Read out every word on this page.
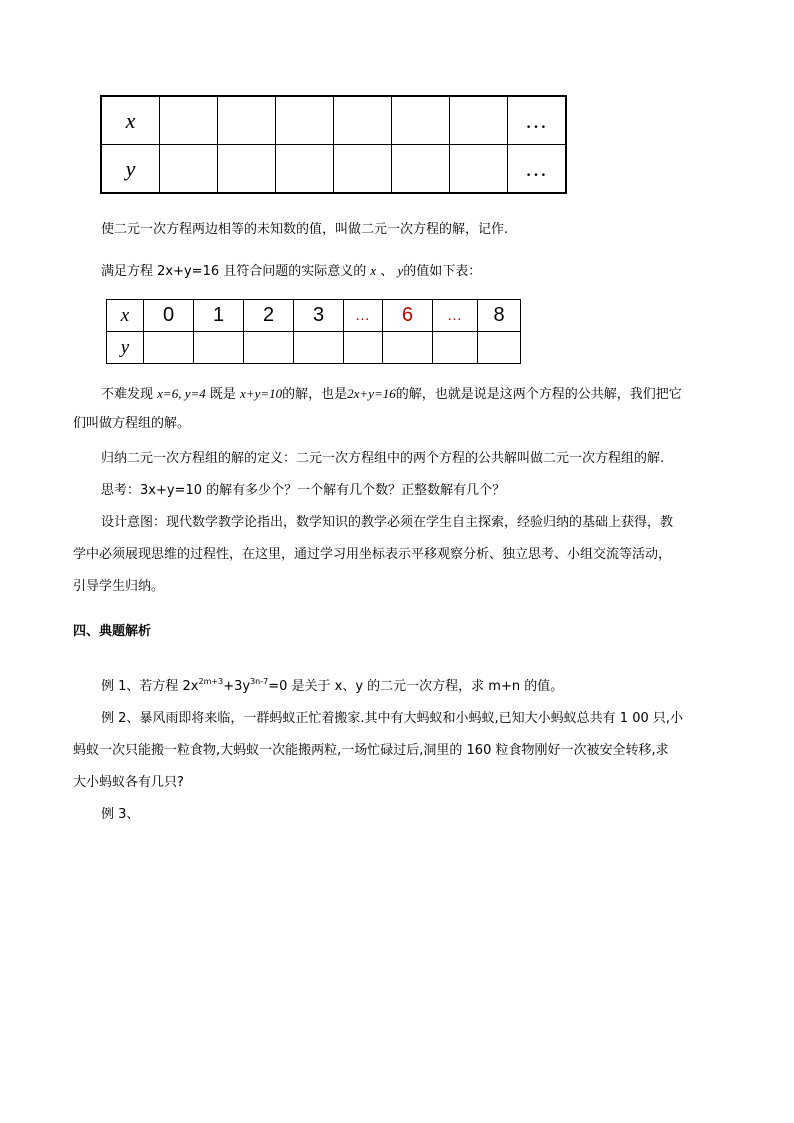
x							…
y							…
使二元一次方程两边相等的未知数的值，叫做二元一次方程的解，记作.
满足方程 2x+y=16 且符合问题的实际意义的 x 、 y的值如下表：
x	0	1	2	3	…	6	…	8
y								
不难发现 x=6, y=4 既是 x+y=10的解，也是2x+y=16的解，也就是说是这两个方程的公共解，我们把它
们叫做方程组的解。
归纳二元一次方程组的解的定义：二元一次方程组中的两个方程的公共解叫做二元一次方程组的解.
思考：3x+y=10 的解有多少个？一个解有几个数？正整数解有几个？
设计意图：现代数学教学论指出，数学知识的教学必须在学生自主探索，经验归纳的基础上获得，教
学中必须展现思维的过程性，在这里，通过学习用坐标表示平移观察分析、独立思考、小组交流等活动，
引导学生归纳。
四、典题解析
例 1、若方程 $2x^{2m+3}+3y^{3n-7}=0$ 是关于 x、y 的二元一次方程，求 m+n 的值。
例 2、暴风雨即将来临，一群蚂蚁正忙着搬家.其中有大蚂蚁和小蚂蚁,已知大小蚂蚁总共有 1 00 只,小
蚂蚁一次只能搬一粒食物,大蚂蚁一次能搬两粒,一场忙碌过后,洞里的 160 粒食物刚好一次被安全转移,求
大小蚂蚁各有几只?
例 3、
